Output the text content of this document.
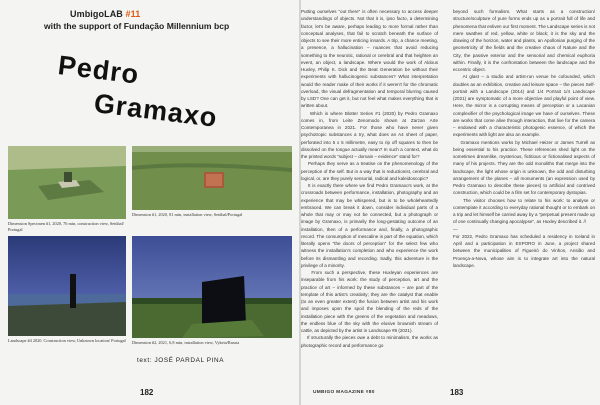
UmbigoLAB #11
with the support of Fundação Millennium bcp
Pedro
Gramaxo
Dimension Specimen #1, 2020, 76 min, construction view, Setúbal/ Portugal
Dimension #1, 2020, 81 min, installation view, Setúbal/Portugal
Landscape #4 2020. Construction view, Unknown location/ Portugal Dimension #2, 2021, 6,8 min, installation view, Vykeia/Russia
text: JOSÉ PARDAL PINA
182
Putting ourselves "out there" is often necessary to access deeper understandings of objects. Not that it is, ipso facto, a determining factor, let's be aware, perhaps leading to more formal rather than conceptual analyses, that fail to scratch beneath the surface of objects to see their more enticing innards. A trip, a chance meeting, a presence, a hallucination – nuances that avoid reducing something to the neurotic, rational or cerebral and that heighten an event, an object, a landscape. Where would the work of Aldous Huxley, Philip K. Dick and the Beat Generation be without their experiments with hallucinogenic substances? What interpretation would the reader make of their works if it weren't for the chromatic overload, the visual defragmentation and temporal blurring caused by LSD? One can get it, but not feel what makes everything that is written about.
Which is where Blotter Series #1 (2020) by Pedro Gramaxo comes in, from Leite Zenomodo shown at Zarzan Arte Contemporanea in 2021. For those who have never given psychotropic substances a try, what does an A4 sheet of paper, perforated into 5 x 5 millimetre, easy to rip off squares to then be dissolved on the tongue actually mean? In such a context, what do the printed words "subject – domain – evidence" stand for?
Perhaps they serve as a treatise on the phenomenology of the perception of the self. But in a way that is reductionist, cerebral and logical, or, are they purely sensorial, radical and kaleidoscopic?
It is exactly there where we find Pedro Gramaxo's work, at the crossroads between performance, installation, photography and an experience that may be whispered, but is to be wholeheartedly embraced. We can break it down, consider individual parts of a whole that may or may not be connected, but a photograph or image by Gramaxo, is primarily the long-gestating outcome of an installation, then of a performance and, finally, a photographic record. The consumption of mescaline is part of the equation, which literally opens "the doors of perception" for the select few who witness the installation's completion and who experience the work before its dismantling and recording. Sadly, this adventure is the privilege of a minority.
From such a perspective, these Huxleyan experiences are inseparable from his work: the study of perception, art and the practice of art – informed by these substances – are part of the template of this artist's creativity; they are the catalyst that enable (to an even greater extent) the fusion between artist and his work and imposes upon the spoil the blending of the reds of the installation piece with the greens of the vegetation and meadows, the endless blue of the sky with the elusive brownish stream of cattle, as depicted by the artist in Landscape #8 (2021).
If structurally the pieces owe a debt to minimalism, the works as photographic record and performance go
beyond such formalism. What starts as a construction/ structure/sculpture of pure forms ends up as a portrait full of life and phenomena that enliven our first moment. The Landscape series is not mere swathes of red, yellow, white or black; it is the sky and the drawing of the horizon, water and plants, an Apollonian purging of the geometricity of the fields and the creative chaos of Nature and the City, the passive exterior and the sensorial and chemical euphoria within. Finally, it is the confrontation between the landscape and the eccentric object.
At glast – a studio and artist-run venue he cofounded, which doubles as an exhibition, creative and leisure space – the pieces Self-portrait with a Landscope (2014) and 1/4 Portrait 1/4 Landscape (2021) are symptomatic of a more objective and playful point of view. Here, the mirror is a corrupting means of perception or a Lacanian complexifier of the psychological image we have of ourselves. These are works that come alive through interaction, that live for the camera – endowed with a characteristic photogenic essence, of which the experiments with light are also an example.
Gramaxo mentions works by Michael Heizer or James Turrell as being essential to his practice. These references shed light on the sometimes dreamlike, mysterious, fictitious or fictionalised aspects of many of his projects. They are the odd monoliths that merge into the landscape, the light whose origin is unknown, the odd and disturbing arrangement of the planes – all monuments (an expression used by Pedro Gramaxo to describe these pieces) to artificial and contrived construction, which could be a film set for contemporary dystopias.
The visitor chooses how to relate to his work: to analyse or contemplate it according to everyday rational thought or to embark on a trip and let himself be carried away by a "perpetual present made up of one continually changing apocalypse", as Huxley described it. //
—
For 2022, Pedro Gramaxo has scheduled a residency in Iceland in April and a participation in ESPORO in June, a project shared between the municipalities of Figueiró do Vinhos, Ansião and Proença-a-Nova, whose aim is to integrate art into the natural landscape.
UMBIGO MAGAZINE #80	183
